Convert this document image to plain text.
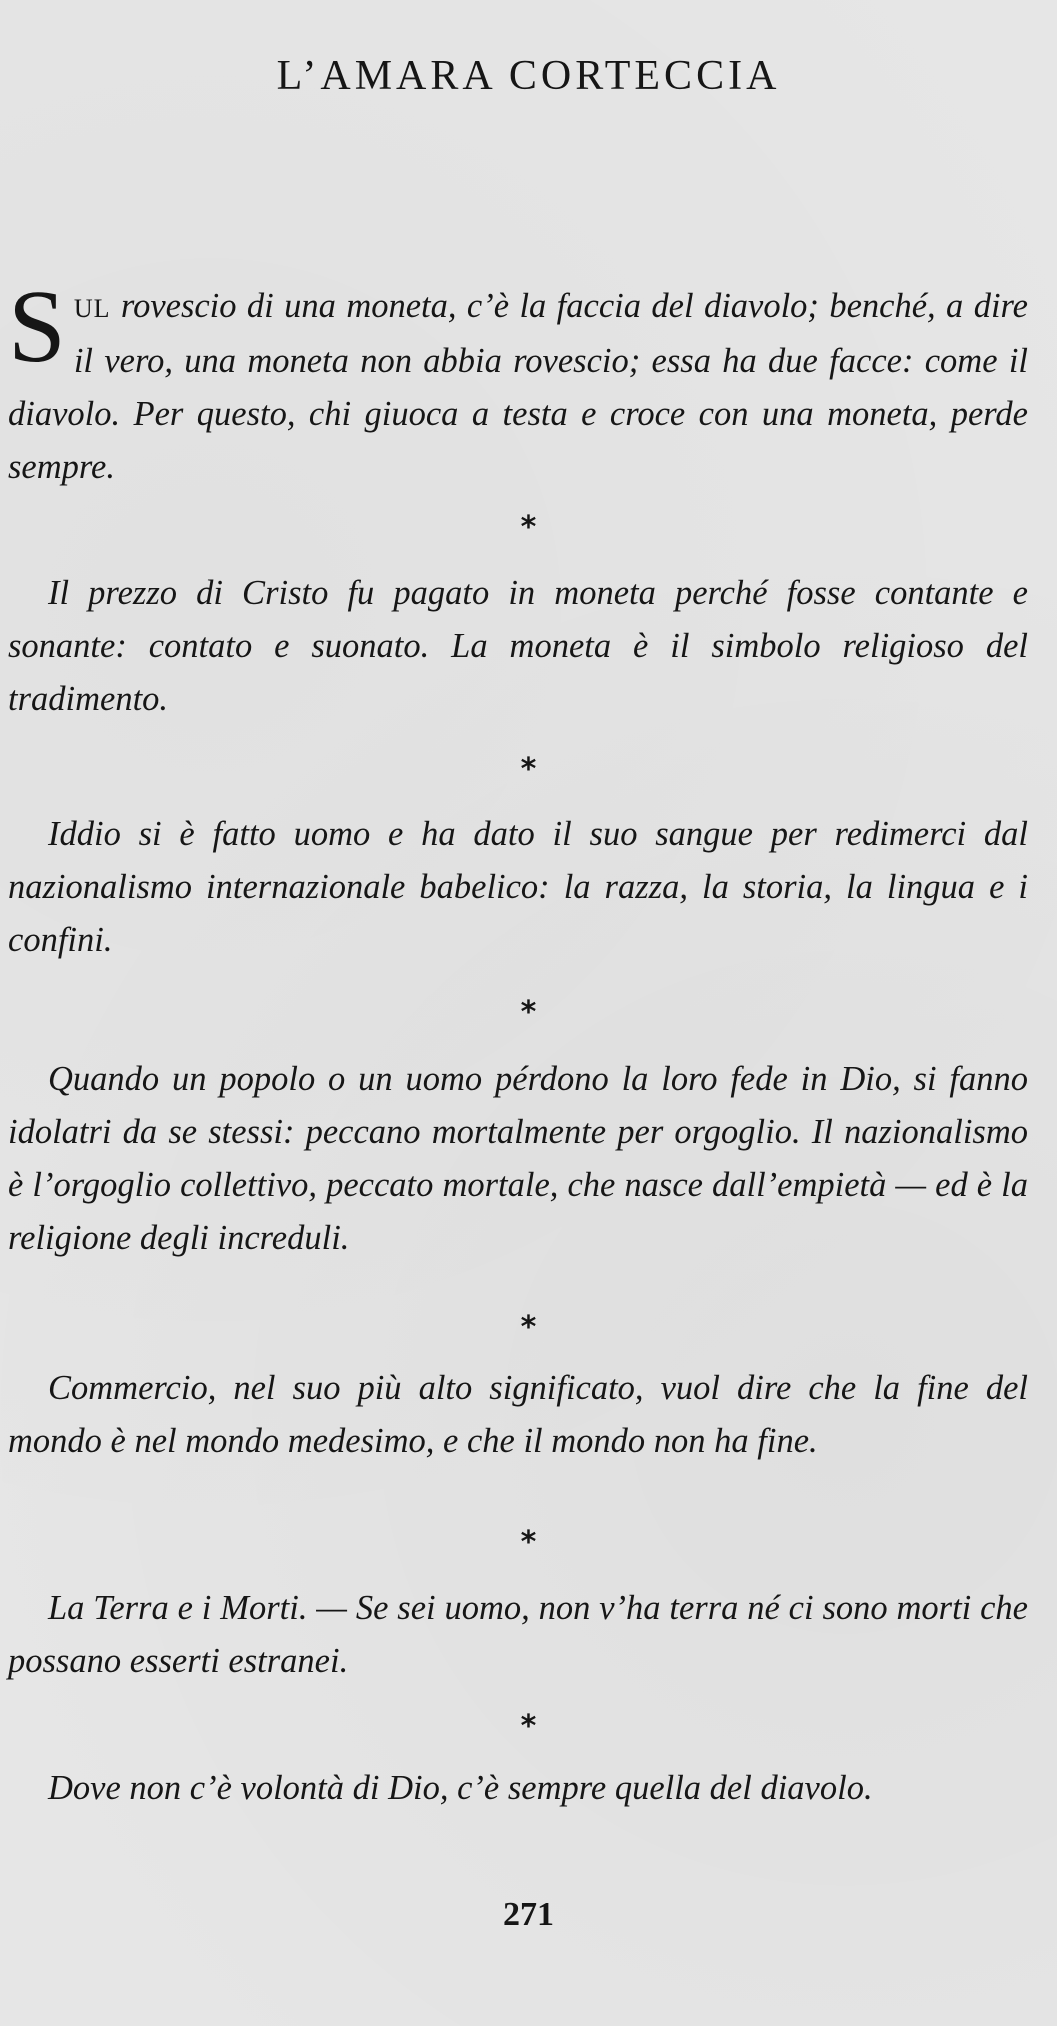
L’AMARA CORTECCIA

SUL rovescio di una moneta, c’è la faccia del diavolo; benché, a dire il vero, una moneta non abbia rovescio; essa ha due facce: come il diavolo. Per questo, chi giuoca a testa e croce con una moneta, perde sempre.

*

Il prezzo di Cristo fu pagato in moneta perché fosse contante e sonante: contato e suonato. La moneta è il simbolo religioso del tradimento.

*

Iddio si è fatto uomo e ha dato il suo sangue per redimerci dal nazionalismo internazionale babelico: la razza, la storia, la lingua e i confini.

*

Quando un popolo o un uomo pérdono la loro fede in Dio, si fanno idolatri da se stessi: peccano mortalmente per orgoglio. Il nazionalismo è l’orgoglio collettivo, peccato mortale, che nasce dall’empietà — ed è la religione degli increduli.

*

Commercio, nel suo più alto significato, vuol dire che la fine del mondo è nel mondo medesimo, e che il mondo non ha fine.

*

La Terra e i Morti. — Se sei uomo, non v’ha terra né ci sono morti che possano esserti estranei.

*

Dove non c’è volontà di Dio, c’è sempre quella del diavolo.

271
